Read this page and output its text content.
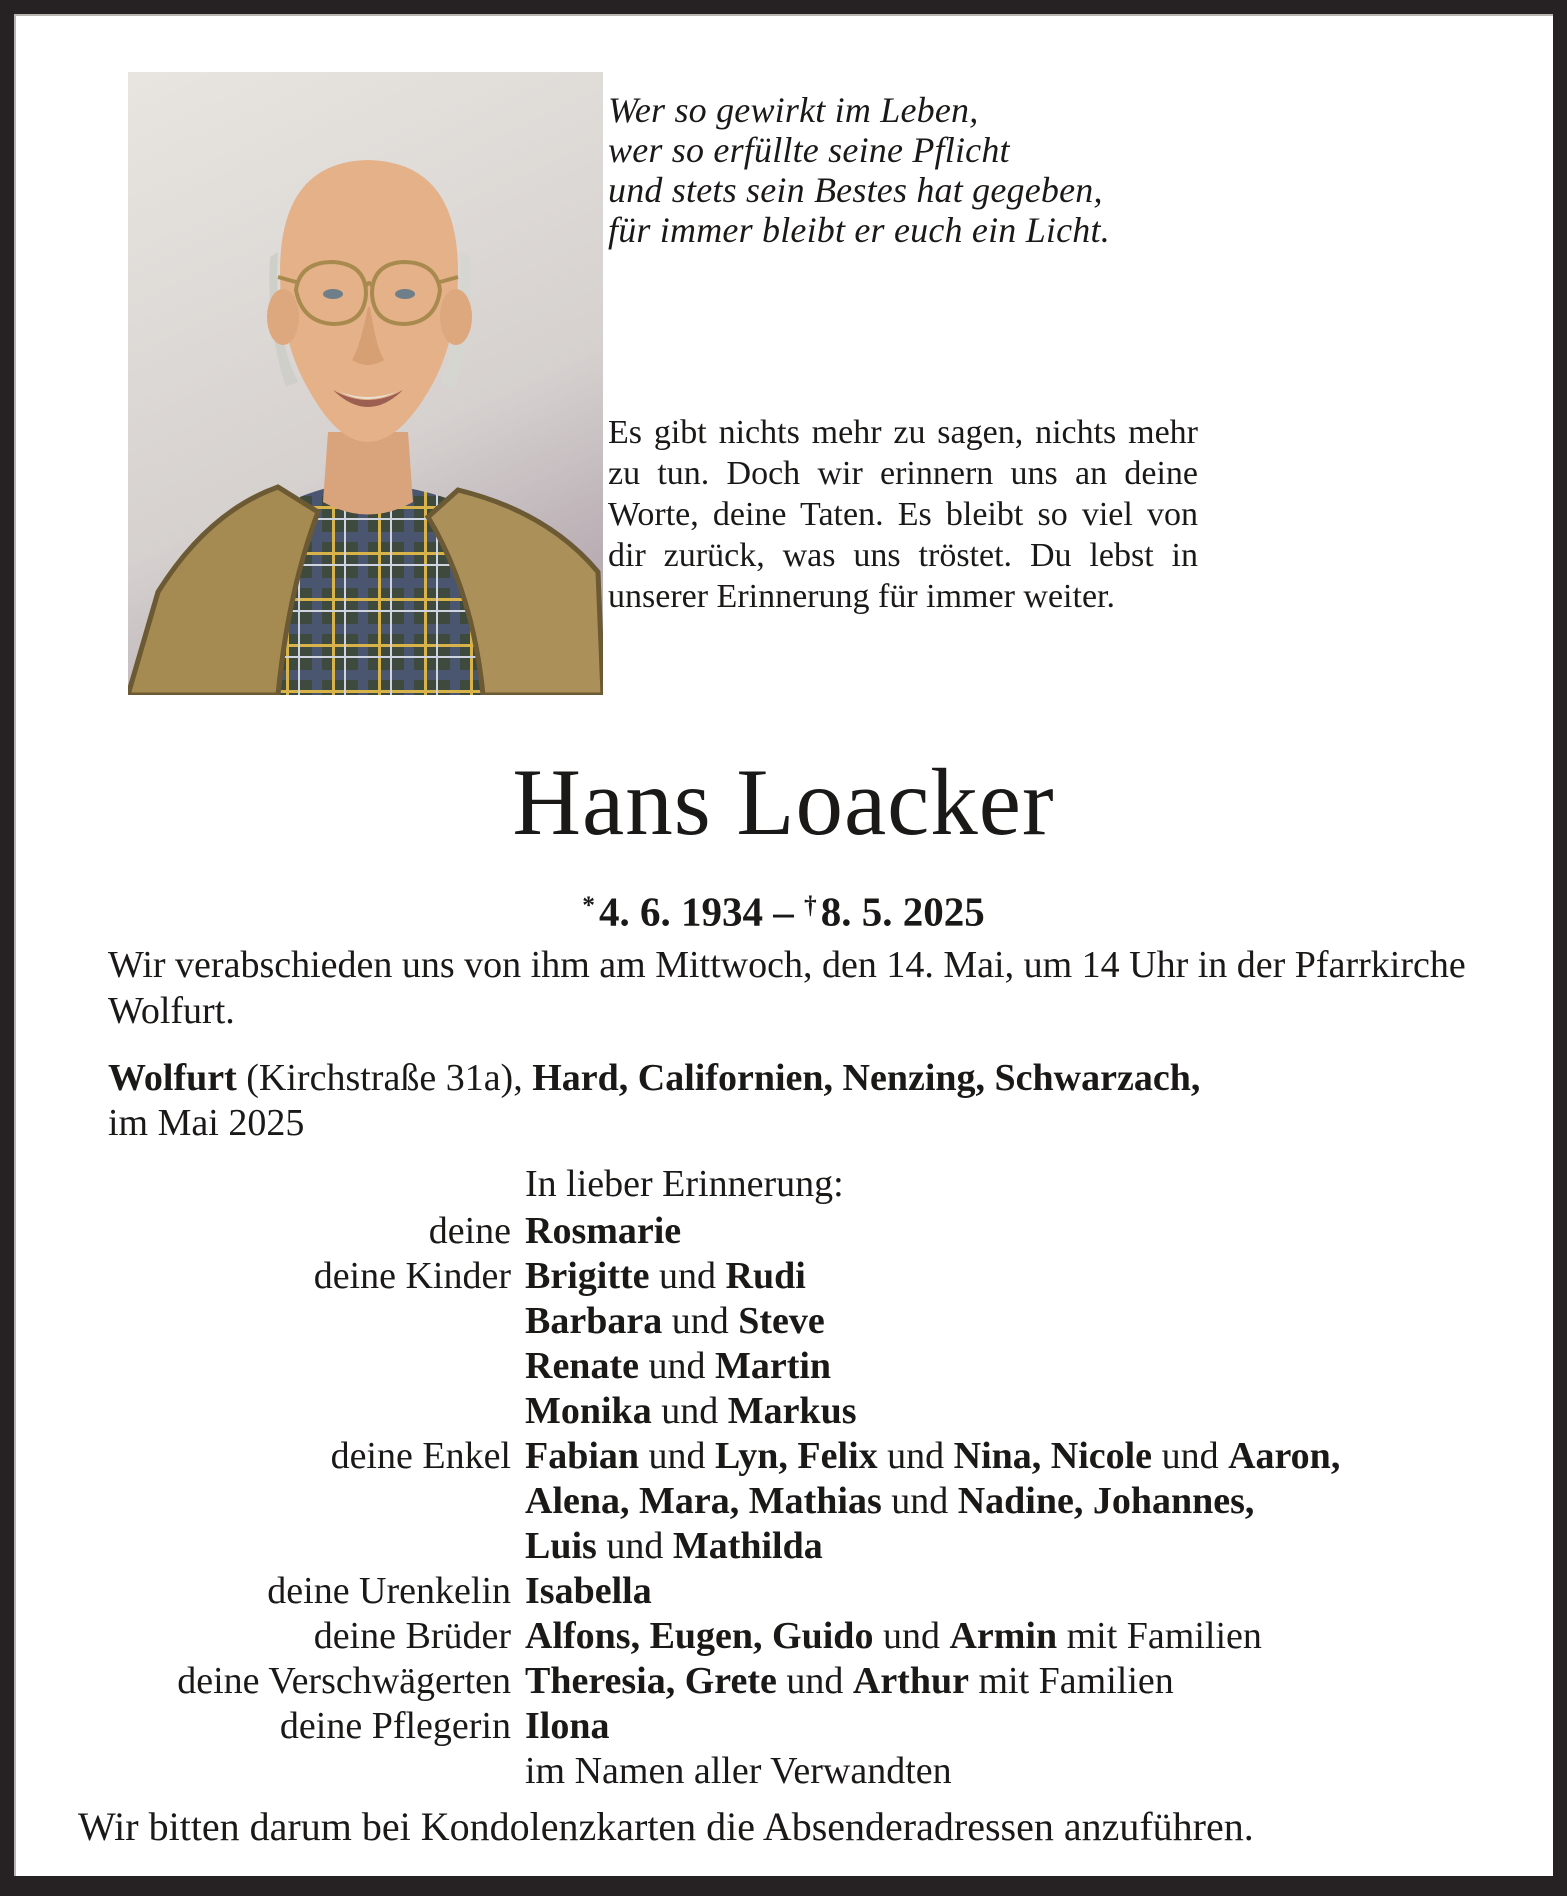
Wer so gewirkt im Leben,
wer so erfüllte seine Pflicht
und stets sein Bestes hat gegeben,
für immer bleibt er euch ein Licht.
Es gibt nichts mehr zu sagen, nichts mehr zu tun. Doch wir erinnern uns an deine Worte, deine Taten. Es bleibt so viel von dir zurück, was uns tröstet. Du lebst in unserer Erinnerung für immer weiter.
Hans Loacker
*4. 6. 1934 – †8. 5. 2025
Wir verabschieden uns von ihm am Mittwoch, den 14. Mai, um 14 Uhr in der Pfarrkirche Wolfurt.
Wolfurt (Kirchstraße 31a), Hard, Californien, Nenzing, Schwarzach,
im Mai 2025
In lieber Erinnerung:
deine Rosmarie
deine Kinder Brigitte und Rudi
Barbara und Steve
Renate und Martin
Monika und Markus
deine Enkel Fabian und Lyn, Felix und Nina, Nicole und Aaron,
Alena, Mara, Mathias und Nadine, Johannes,
Luis und Mathilda
deine Urenkelin Isabella
deine Brüder Alfons, Eugen, Guido und Armin mit Familien
deine Verschwägerten Theresia, Grete und Arthur mit Familien
deine Pflegerin Ilona
im Namen aller Verwandten
Wir bitten darum bei Kondolenzkarten die Absenderadressen anzuführen.
